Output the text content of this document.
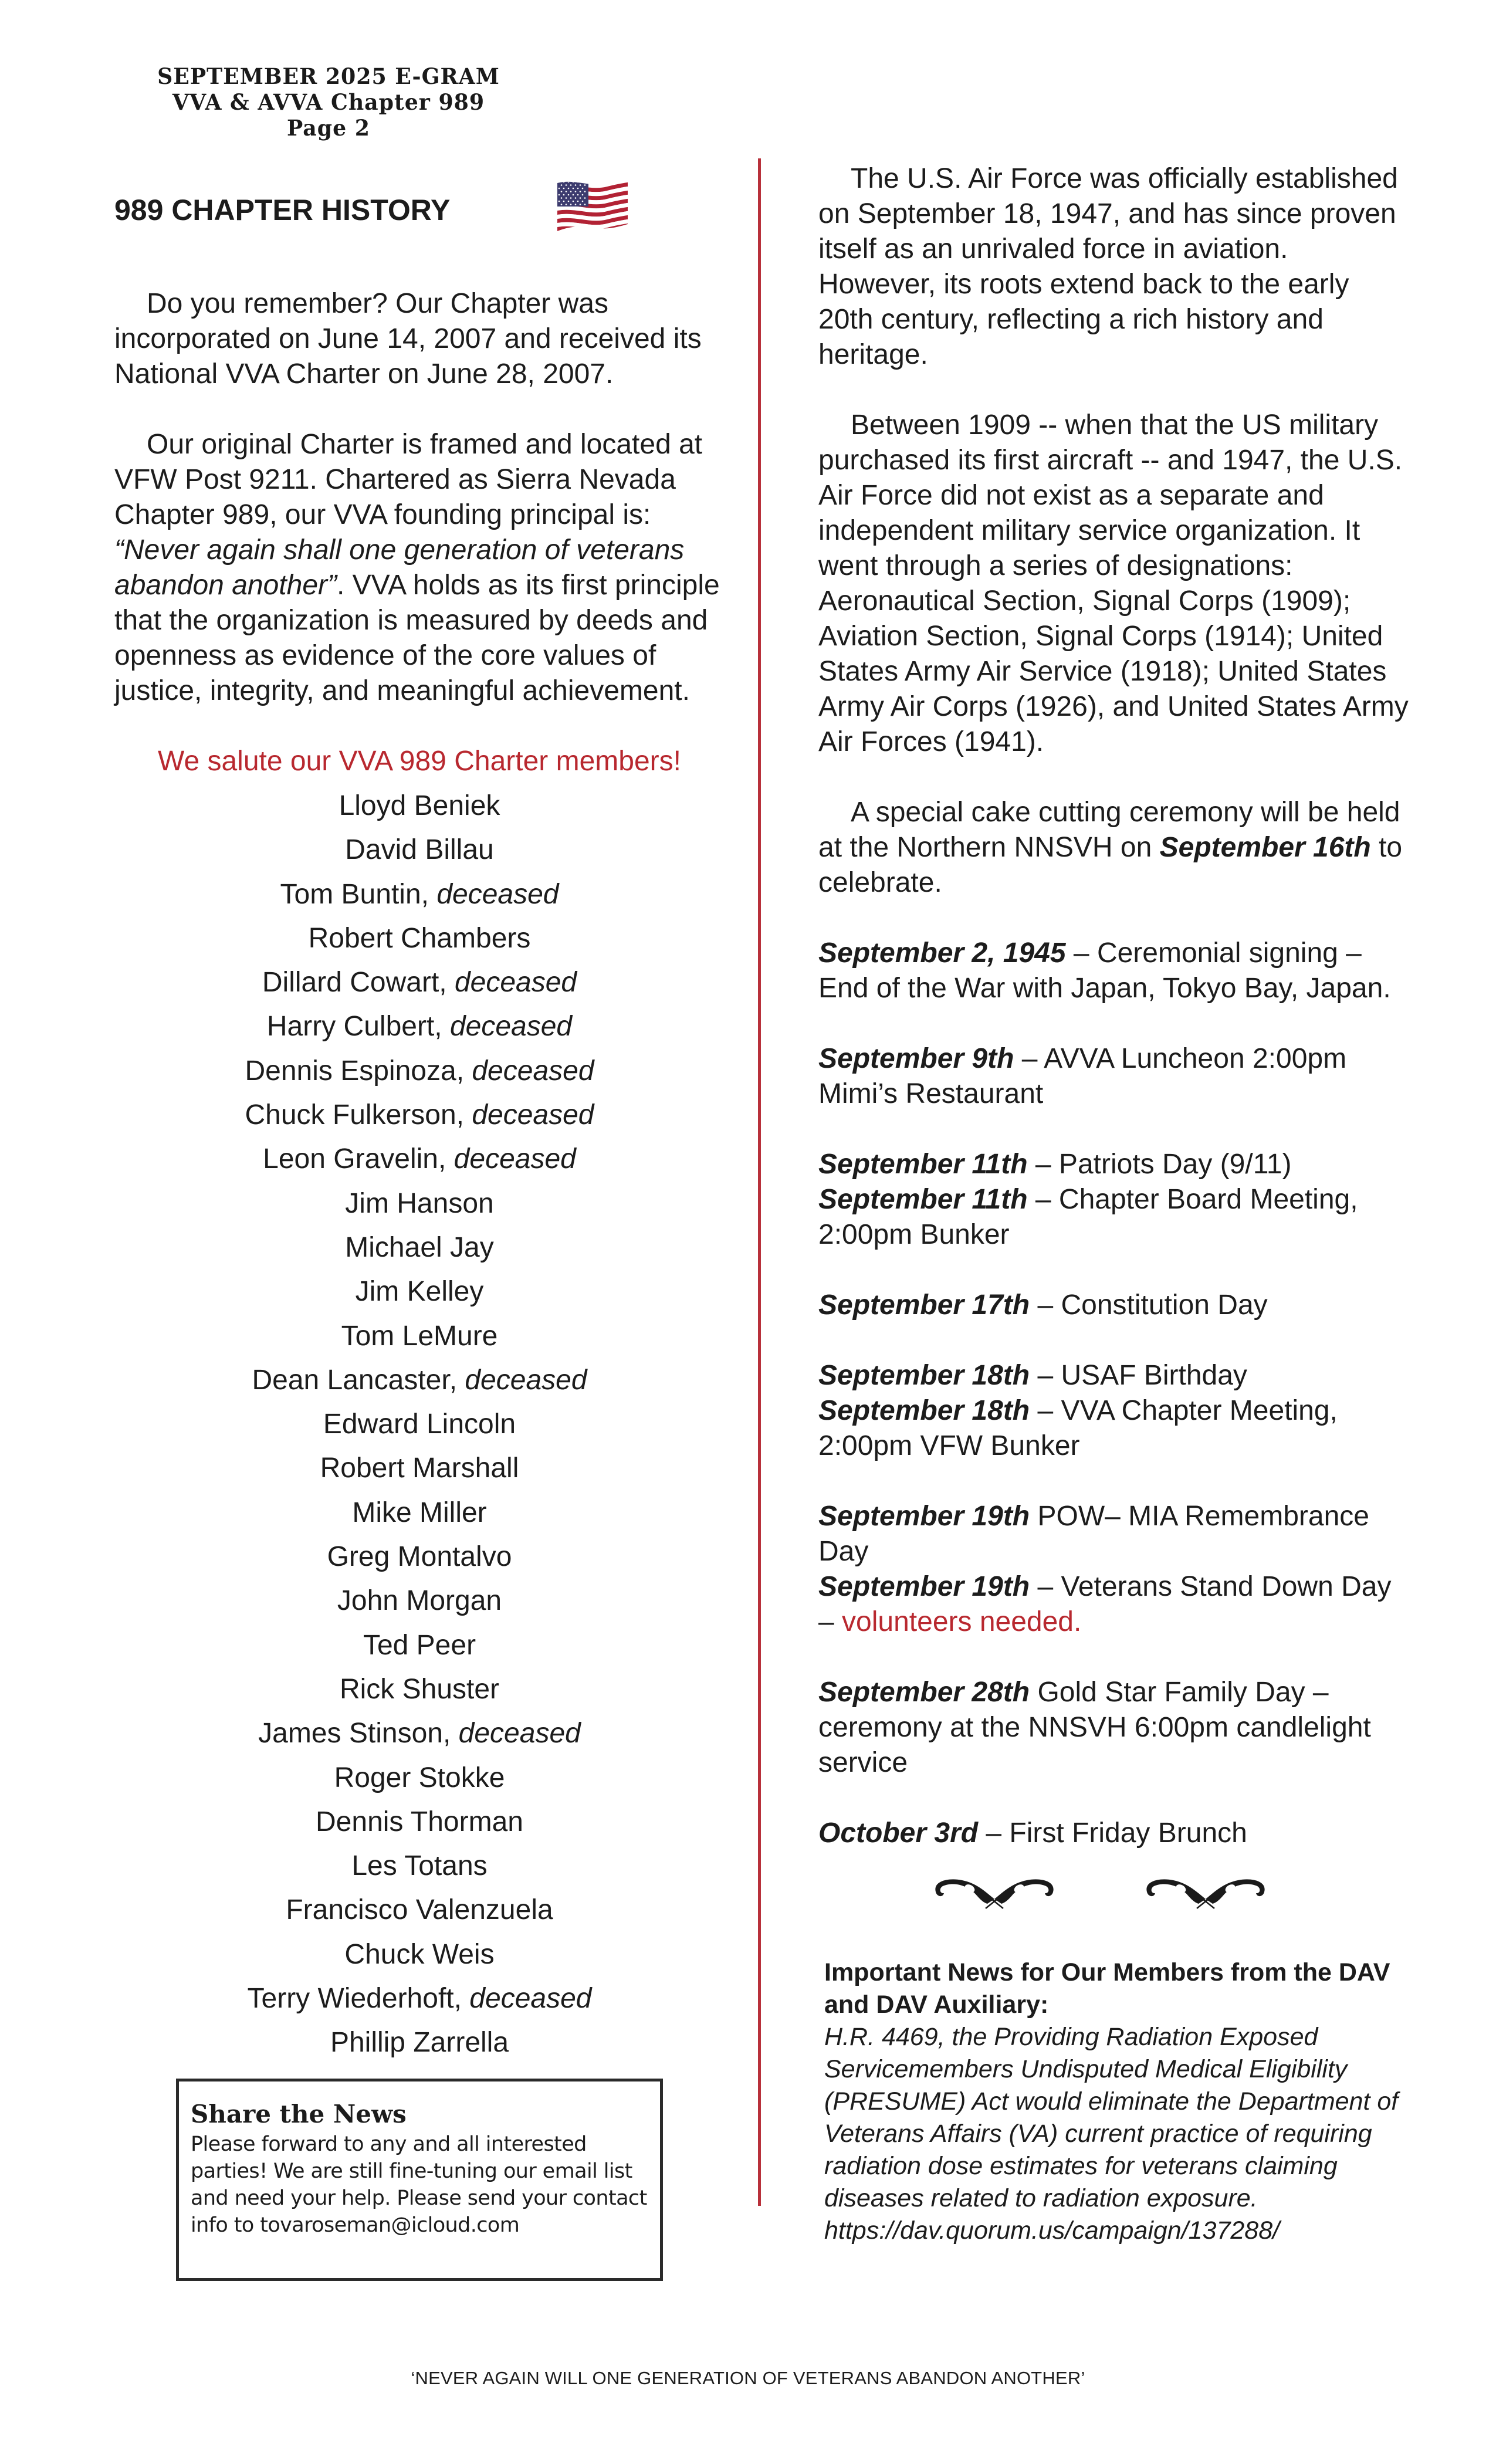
SEPTEMBER 2025 E-GRAM
VVA & AVVA Chapter 989
Page 2
989 CHAPTER HISTORY

Do you remember? Our Chapter was incorporated on June 14, 2007 and received its National VVA Charter on June 28, 2007.

Our original Charter is framed and located at VFW Post 9211. Chartered as Sierra Nevada Chapter 989, our VVA founding principal is: “Never again shall one generation of veterans abandon another”. VVA holds as its first principle that the organization is measured by deeds and openness as evidence of the core values of justice, integrity, and meaningful achievement.

We salute our VVA 989 Charter members!
Lloyd Beniek
David Billau
Tom Buntin, deceased
Robert Chambers
Dillard Cowart, deceased
Harry Culbert, deceased
Dennis Espinoza, deceased
Chuck Fulkerson, deceased
Leon Gravelin, deceased
Jim Hanson
Michael Jay
Jim Kelley
Tom LeMure
Dean Lancaster, deceased
Edward Lincoln
Robert Marshall
Mike Miller
Greg Montalvo
John Morgan
Ted Peer
Rick Shuster
James Stinson, deceased
Roger Stokke
Dennis Thorman
Les Totans
Francisco Valenzuela
Chuck Weis
Terry Wiederhoft, deceased
Phillip Zarrella
Share the News
Please forward to any and all interested parties! We are still fine-tuning our email list and need your help. Please send your contact info to tovaroseman@icloud.com

The U.S. Air Force was officially established on September 18, 1947, and has since proven itself as an unrivaled force in aviation. However, its roots extend back to the early 20th century, reflecting a rich history and heritage.

Between 1909 -- when that the US military purchased its first aircraft -- and 1947, the U.S. Air Force did not exist as a separate and independent military service organization. It went through a series of designations: Aeronautical Section, Signal Corps (1909); Aviation Section, Signal Corps (1914); United States Army Air Service (1918); United States Army Air Corps (1926), and United States Army Air Forces (1941).

A special cake cutting ceremony will be held at the Northern NNSVH on September 16th to celebrate.

September 2, 1945 – Ceremonial signing – End of the War with Japan, Tokyo Bay, Japan.

September 9th – AVVA Luncheon 2:00pm Mimi’s Restaurant

September 11th – Patriots Day (9/11)

September 11th – Chapter Board Meeting, 2:00pm Bunker

September 17th – Constitution Day

September 18th – USAF Birthday

September 18th – VVA Chapter Meeting, 2:00pm VFW Bunker

September 19th POW– MIA Remembrance Day

September 19th – Veterans Stand Down Day – volunteers needed.

September 28th Gold Star Family Day – ceremony at the NNSVH 6:00pm candlelight service

October 3rd – First Friday Brunch

Important News for Our Members from the DAV and DAV Auxiliary:
H.R. 4469, the Providing Radiation Exposed Servicemembers Undisputed Medical Eligibility (PRESUME) Act would eliminate the Department of Veterans Affairs (VA) current practice of requiring radiation dose estimates for veterans claiming diseases related to radiation exposure.
https://dav.quorum.us/campaign/137288/
‘NEVER AGAIN WILL ONE GENERATION OF VETERANS ABANDON ANOTHER’
